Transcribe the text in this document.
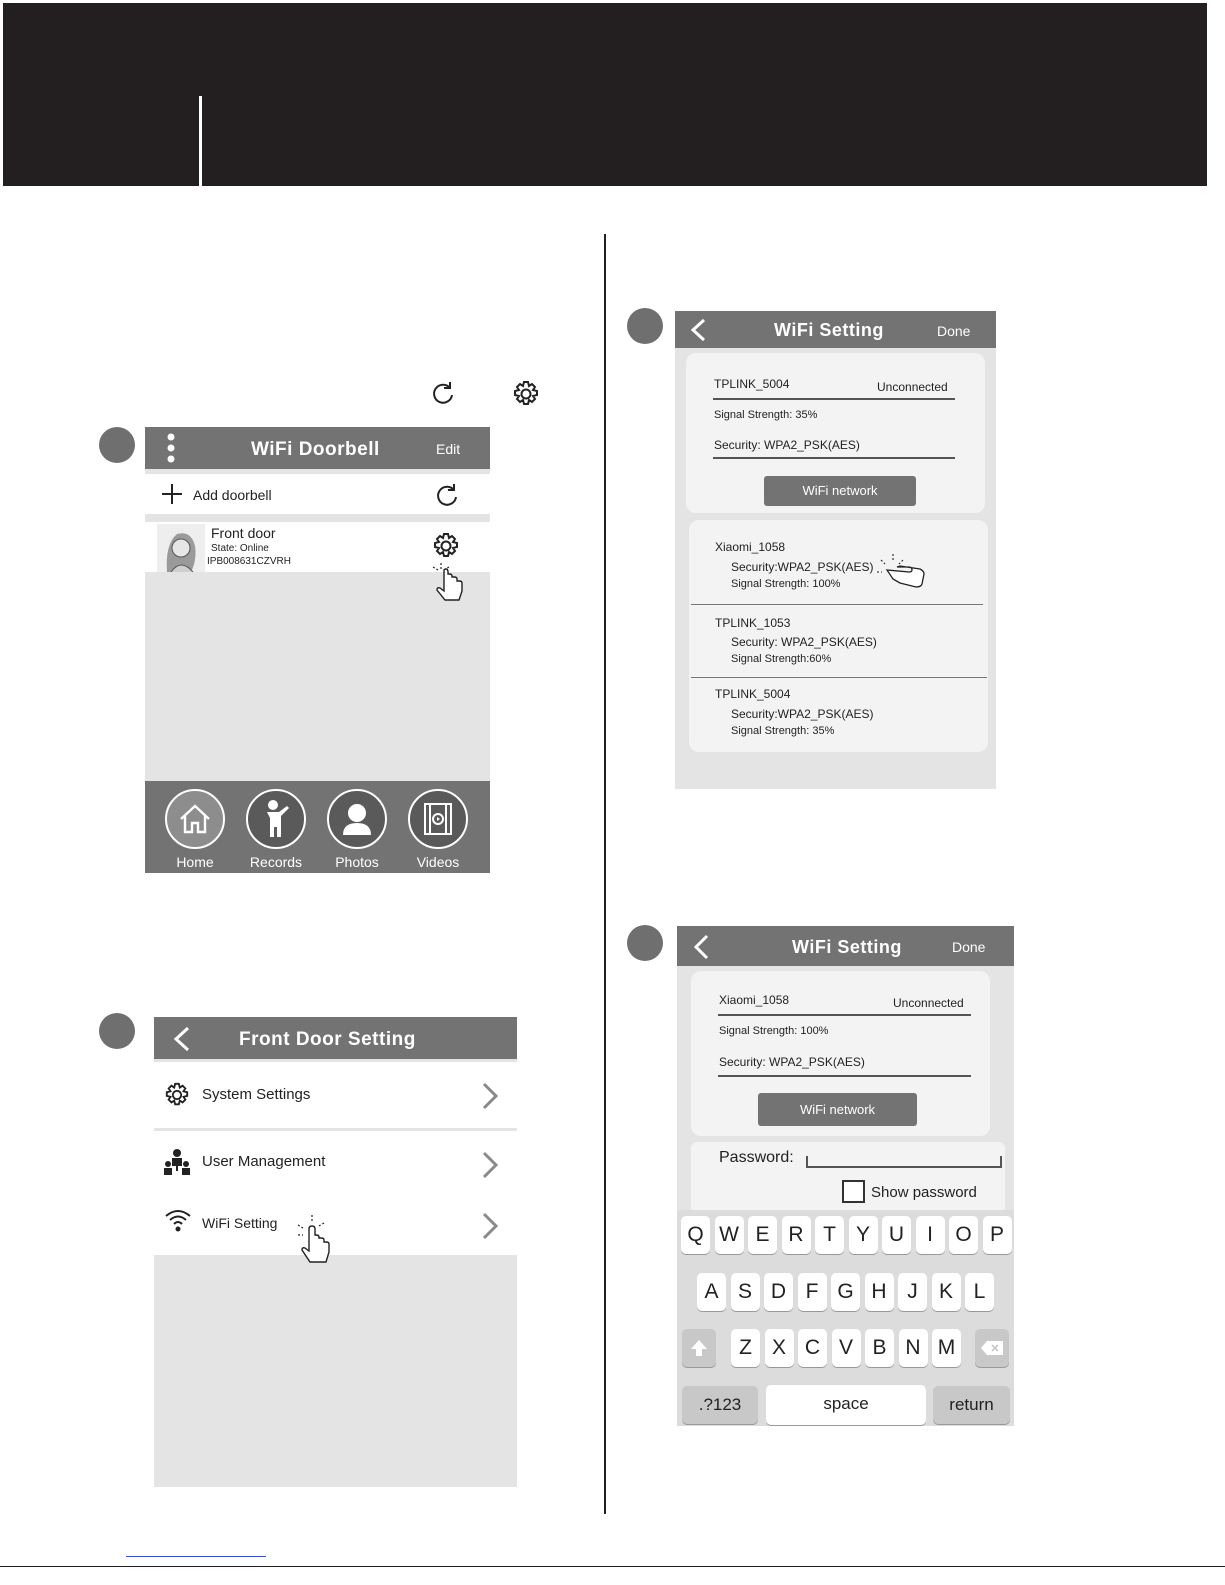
WiFi Doorbell	Edit
Add doorbell
Front door
State: Online
IPB008631CZVRH
Home	Records	Photos	Videos
Front Door Setting
System Settings
User Management
WiFi Setting
WiFi Setting	Done
TPLINK_5004	Unconnected
Signal Strength: 35%
Security: WPA2_PSK(AES)
WiFi network
Xiaomi_1058
Security:WPA2_PSK(AES)
Signal Strength: 100%
TPLINK_1053
Security: WPA2_PSK(AES)
Signal Strength:60%
TPLINK_5004
Security:WPA2_PSK(AES)
Signal Strength: 35%
WiFi Setting	Done
Xiaomi_1058	Unconnected
Signal Strength: 100%
Security: WPA2_PSK(AES)
WiFi network
Password:
Show password
.?123	space	return
Q W E R T Y U	I	O P
A S D F G H J	K L
Z X C V B N M
